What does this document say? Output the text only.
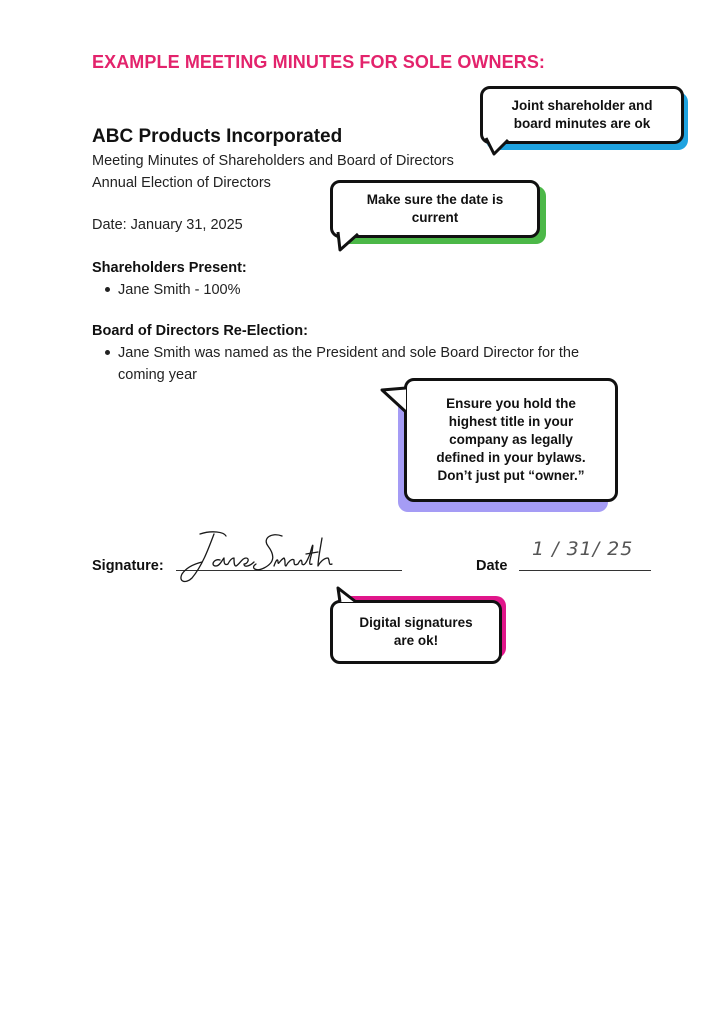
EXAMPLE MEETING MINUTES FOR SOLE OWNERS:
ABC Products Incorporated
Meeting Minutes of Shareholders and Board of Directors
Annual Election of Directors
Date: January 31, 2025
Shareholders Present:
Jane Smith - 100%
Board of Directors Re-Election:
Jane Smith was named as the President and sole Board Director for the
coming year
Signature:	Date
1 / 31/ 25
Joint shareholder and
board minutes are ok
Make sure the date is
current
Ensure you hold the
highest title in your
company as legally
defined in your bylaws.
Don’t just put “owner.”
Digital signatures
are ok!
